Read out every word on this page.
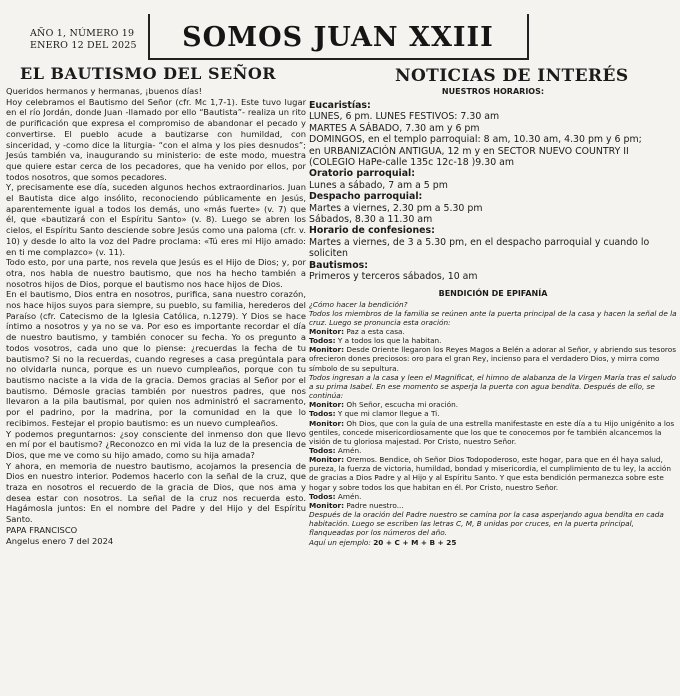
AÑO 1, NÚMERO 19
ENERO 12 DEL 2025	SOMOS JUAN XXIII
EL BAUTISMO DEL SEÑOR

Queridos hermanos y hermanas, ¡buenos días!

Hoy celebramos el Bautismo del Señor (cfr. Mc 1,7-1). Este tuvo lugar en el río Jordán, donde Juan -llamado por ello “Bautista”- realiza un rito de purificación que expresa el compromiso de abandonar el pecado y convertirse. El pueblo acude a bautizarse con humildad, con sinceridad, y -como dice la liturgia- “con el alma y los pies desnudos”; Jesús también va, inaugurando su ministerio: de este modo, muestra que quiere estar cerca de los pecadores, que ha venido por ellos, por todos nosotros, que somos pecadores.

Y, precisamente ese día, suceden algunos hechos extraordinarios. Juan el Bautista dice algo insólito, reconociendo públicamente en Jesús, aparentemente igual a todos los demás, uno «más fuerte» (v. 7) que él, que «bautizará con el Espíritu Santo» (v. 8). Luego se abren los cielos, el Espíritu Santo desciende sobre Jesús como una paloma (cfr. v. 10) y desde lo alto la voz del Padre proclama: «Tú eres mi Hijo amado: en ti me complazco» (v. 11).

Todo esto, por una parte, nos revela que Jesús es el Hijo de Dios; y, por otra, nos habla de nuestro bautismo, que nos ha hecho también a nosotros hijos de Dios, porque el bautismo nos hace hijos de Dios.

En el bautismo, Dios entra en nosotros, purifica, sana nuestro corazón, nos hace hijos suyos para siempre, su pueblo, su familia, herederos del Paraíso (cfr. Catecismo de la Iglesia Católica, n.1279). Y Dios se hace íntimo a nosotros y ya no se va. Por eso es importante recordar el día de nuestro bautismo, y también conocer su fecha. Yo os pregunto a todos vosotros, cada uno que lo piense: ¿recuerdas la fecha de tu bautismo? Si no la recuerdas, cuando regreses a casa pregúntala para no olvidarla nunca, porque es un nuevo cumpleaños, porque con tu bautismo naciste a la vida de la gracia. Demos gracias al Señor por el bautismo. Démosle gracias también por nuestros padres, que nos llevaron a la pila bautismal, por quien nos administró el sacramento, por el padrino, por la madrina, por la comunidad en la que lo recibimos. Festejar el propio bautismo: es un nuevo cumpleaños.

Y podemos preguntarnos: ¿soy consciente del inmenso don que llevo en mí por el bautismo? ¿Reconozco en mi vida la luz de la presencia de Dios, que me ve como su hijo amado, como su hija amada?

Y ahora, en memoria de nuestro bautismo, acojamos la presencia de Dios en nuestro interior. Podemos hacerlo con la señal de la cruz, que traza en nosotros el recuerdo de la gracia de Dios, que nos ama y desea estar con nosotros. La señal de la cruz nos recuerda esto. Hagámosla juntos: En el nombre del Padre y del Hijo y del Espíritu Santo.

PAPA FRANCISCO

Angelus enero 7 del 2024

NOTICIAS DE INTERÉS
NUESTROS HORARIOS:
Eucaristías:
LUNES, 6 pm. LUNES FESTIVOS: 7.30 am
MARTES A SÁBADO, 7.30 am y 6 pm
DOMINGOS, en el templo parroquial: 8 am, 10.30 am, 4.30 pm y 6 pm;
en URBANIZACIÓN ANTIGUA, 12 m y en SECTOR NUEVO COUNTRY II (COLEGIO HaPe-calle 135c 12c-18 )9.30 am
Oratorio parroquial:
Lunes a sábado, 7 am a 5 pm
Despacho parroquial:
Martes a viernes, 2.30 pm a 5.30 pm
Sábados, 8.30 a 11.30 am
Horario de confesiones:
Martes a viernes, de 3 a 5.30 pm, en el despacho parroquial y cuando lo soliciten
Bautismos:
Primeros y terceros sábados, 10 am
BENDICIÓN DE EPIFANÍA
¿Cómo hacer la bendición?
Todos los miembros de la familia se reúnen ante la puerta principal de la casa y hacen la señal de la cruz. Luego se pronuncia esta oración:
Monitor: Paz a esta casa.
Todos: Y a todos los que la habitan.
Monitor: Desde Oriente llegaron los Reyes Magos a Belén a adorar al Señor, y abriendo sus tesoros ofrecieron dones preciosos: oro para el gran Rey, incienso para el verdadero Dios, y mirra como símbolo de su sepultura.
Todos ingresan a la casa y leen el Magnificat, el himno de alabanza de la Virgen María tras el saludo a su prima Isabel. En ese momento se asperja la puerta con agua bendita. Después de ello, se continúa:
Monitor: Oh Señor, escucha mi oración.
Todos: Y que mi clamor llegue a Ti.
Monitor: Oh Dios, que con la guía de una estrella manifestaste en este día a tu Hijo unigénito a los gentiles, concede misericordiosamente que los que te conocemos por fe también alcancemos la visión de tu gloriosa majestad. Por Cristo, nuestro Señor.
Todos: Amén.
Monitor: Oremos. Bendice, oh Señor Dios Todopoderoso, este hogar, para que en él haya salud, pureza, la fuerza de victoria, humildad, bondad y misericordia, el cumplimiento de tu ley, la acción de gracias a Dios Padre y al Hijo y al Espíritu Santo. Y que esta bendición permanezca sobre este hogar y sobre todos los que habitan en él. Por Cristo, nuestro Señor.
Todos: Amén.
Monitor: Padre nuestro...
Después de la oración del Padre nuestro se camina por la casa asperjando agua bendita en cada habitación. Luego se escriben las letras C, M, B unidas por cruces, en la puerta principal, flanqueadas por los números del año.
Aquí un ejemplo: 20 + C + M + B + 25
